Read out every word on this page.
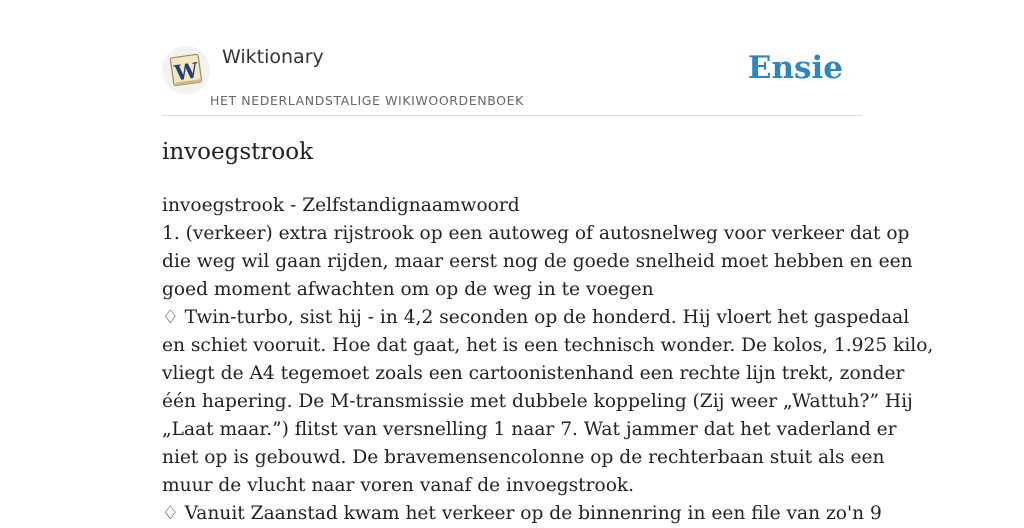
W
Wiktionary
HET NEDERLANDSTALIGE WIKIWOORDENBOEK
Ensie
invoegstrook
invoegstrook - Zelfstandignaamwoord
1. (verkeer) extra rijstrook op een autoweg of autosnelweg voor verkeer dat op
die weg wil gaan rijden, maar eerst nog de goede snelheid moet hebben en een
goed moment afwachten om op de weg in te voegen
♢ Twin-turbo, sist hij - in 4,2 seconden op de honderd. Hij vloert het gaspedaal
en schiet vooruit. Hoe dat gaat, het is een technisch wonder. De kolos, 1.925 kilo,
vliegt de A4 tegemoet zoals een cartoonistenhand een rechte lijn trekt, zonder
één hapering. De M-transmissie met dubbele koppeling (Zij weer „Wattuh?” Hij
„Laat maar.”) flitst van versnelling 1 naar 7. Wat jammer dat het vaderland er
niet op is gebouwd. De bravemensencolonne op de rechterbaan stuit als een
muur de vlucht naar voren vanaf de invoegstrook.
♢ Vanuit Zaanstad kwam het verkeer op de binnenring in een file van zo'n 9
